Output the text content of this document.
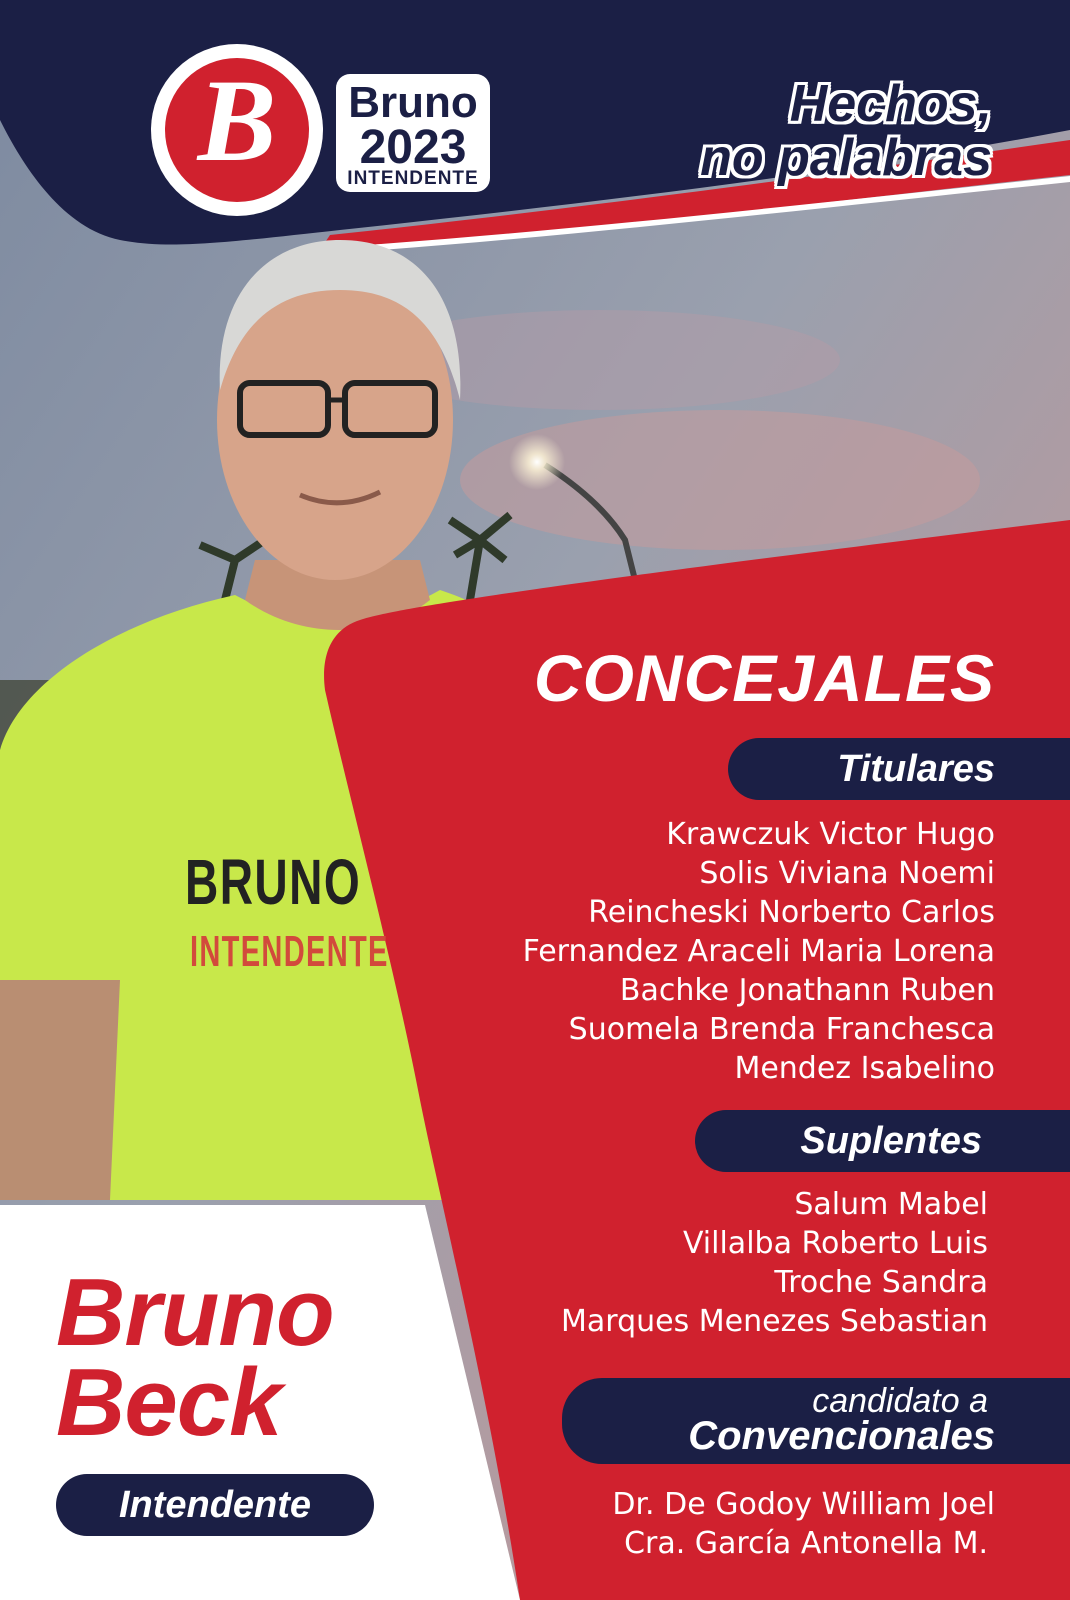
B	Bruno
2023
INTENDENTE
Hechos,
no palabras
BRUNO
INTENDENTE
CONCEJALES
Titulares
Krawczuk Victor Hugo
Solis Viviana Noemi
Reincheski Norberto Carlos
Fernandez Araceli Maria Lorena
Bachke Jonathann Ruben
Suomela Brenda Franchesca
Mendez Isabelino
Suplentes
Salum Mabel
Villalba Roberto Luis
Troche Sandra
Marques Menezes Sebastian
candidato a
Convencionales
Dr. De Godoy William Joel
Cra. García Antonella M.
Bruno
Beck
Intendente
